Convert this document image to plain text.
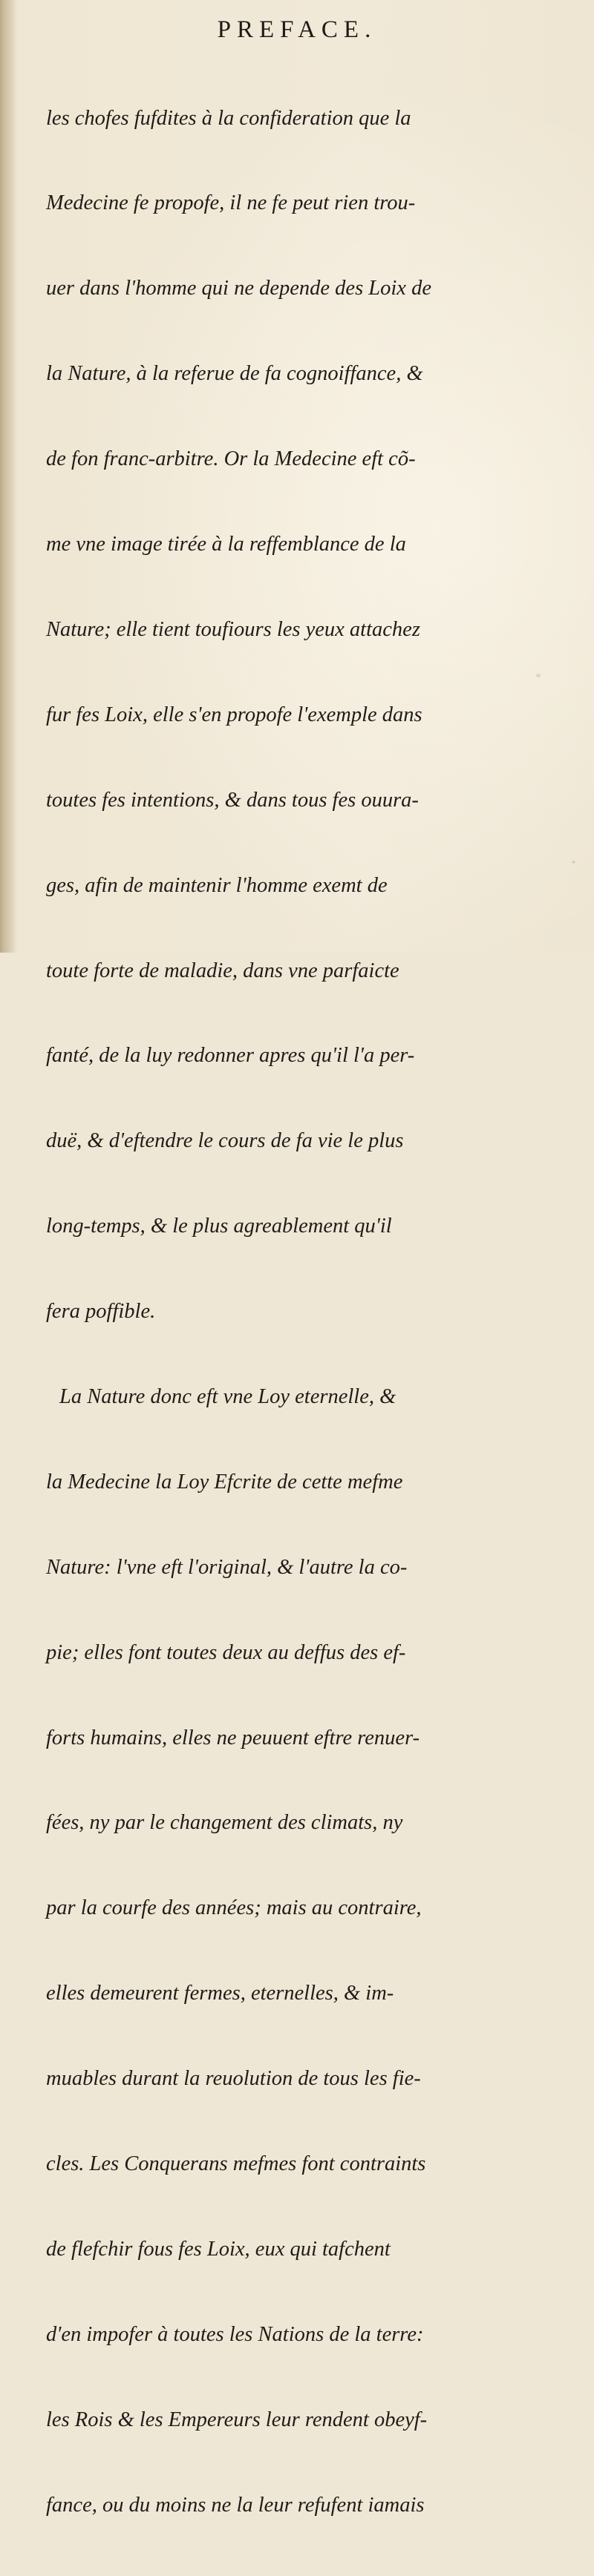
PREFACE.

les chofes fufdites à la confideration que la

Medecine fe propofe, il ne fe peut rien trou-

uer dans l'homme qui ne depende des Loix de

la Nature, à la referue de fa cognoiffance, &

de fon franc-arbitre. Or la Medecine eft cõ-

me vne image tirée à la reffemblance de la

Nature; elle tient toufiours les yeux attachez

fur fes Loix, elle s'en propofe l'exemple dans

toutes fes intentions, & dans tous fes ouura-

ges, afin de maintenir l'homme exemt de

toute forte de maladie, dans vne parfaicte

fanté, de la luy redonner apres qu'il l'a per-

duë, & d'eftendre le cours de fa vie le plus

long-temps, & le plus agreablement qu'il

fera poffible.

La Nature donc eft vne Loy eternelle, &

la Medecine la Loy Efcrite de cette mefme

Nature: l'vne eft l'original, & l'autre la co-

pie; elles font toutes deux au deffus des ef-

forts humains, elles ne peuuent eftre renuer-

fées, ny par le changement des climats, ny

par la courfe des années; mais au contraire,

elles demeurent fermes, eternelles, & im-

muables durant la reuolution de tous les fie-

cles. Les Conquerans mefmes font contraints

de flefchir fous fes Loix, eux qui tafchent

d'en impofer à toutes les Nations de la terre:

les Rois & les Empereurs leur rendent obeyf-

fance, ou du moins ne la leur refufent iamais
